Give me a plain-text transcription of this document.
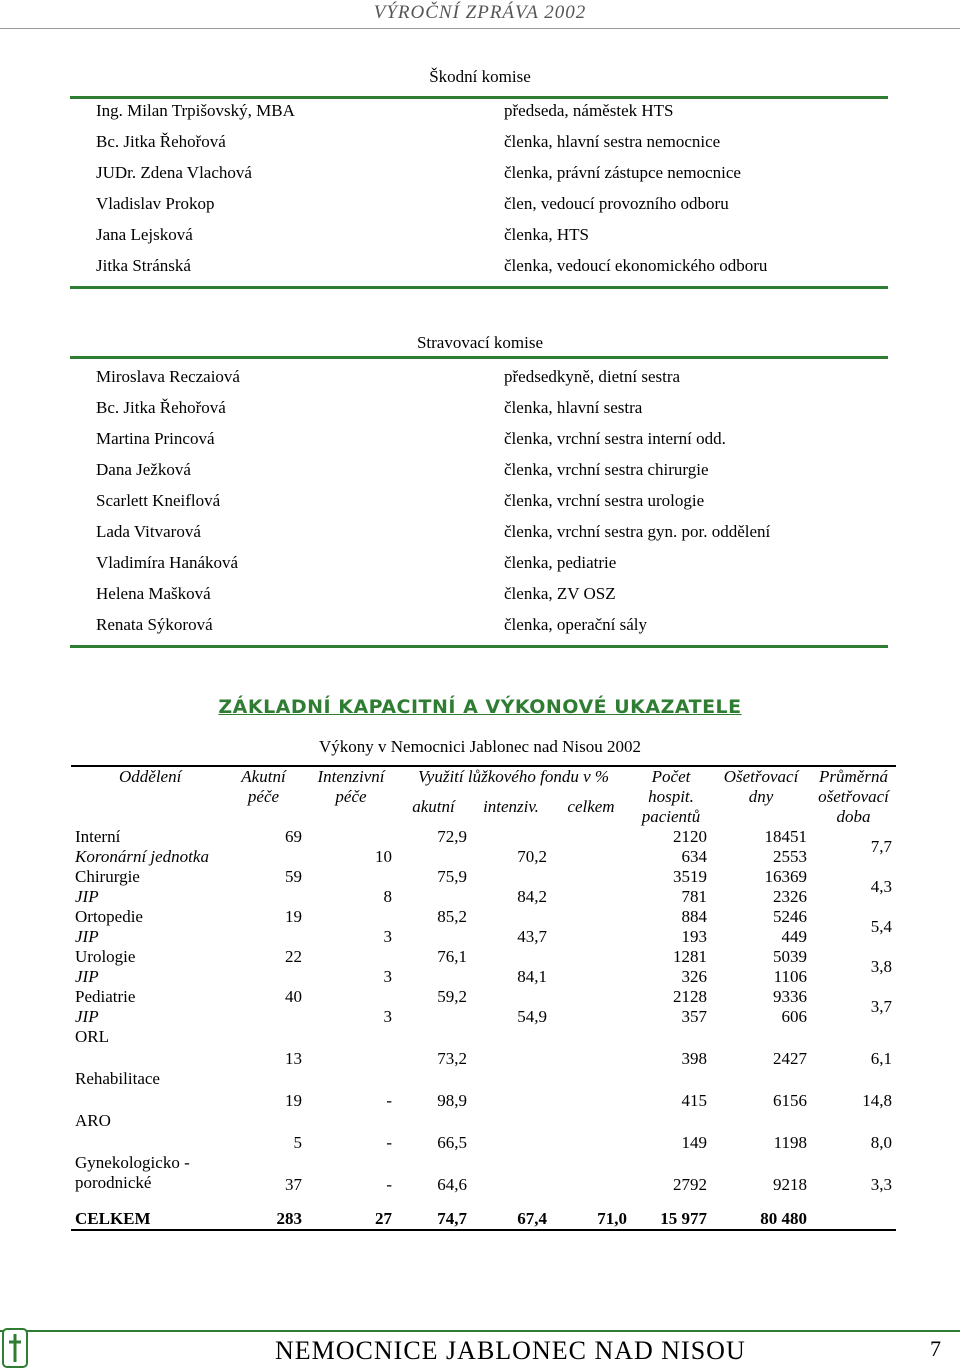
VÝROČNÍ ZPRÁVA 2002
Škodní komise
Ing. Milan Trpišovský, MBA	předseda, náměstek HTS
Bc. Jitka Řehořová	členka, hlavní sestra nemocnice
JUDr. Zdena Vlachová	členka, právní zástupce nemocnice
Vladislav Prokop	člen, vedoucí provozního odboru
Jana Lejsková	členka, HTS
Jitka Stránská	členka, vedoucí ekonomického odboru
Stravovací komise
Miroslava Reczaiová	předsedkyně, dietní sestra
Bc. Jitka Řehořová	členka, hlavní sestra
Martina Princová	členka, vrchní sestra interní odd.
Dana Ježková	členka, vrchní sestra chirurgie
Scarlett Kneiflová	členka, vrchní sestra urologie
Lada Vitvarová	členka, vrchní sestra gyn. por. oddělení
Vladimíra Hanáková	členka, pediatrie
Helena Mašková	členka, ZV OSZ
Renata Sýkorová	členka, operační sály
ZÁKLADNÍ KAPACITNÍ A VÝKONOVÉ UKAZATELE
Výkony v Nemocnici Jablonec nad Nisou 2002
Oddělení	Akutní péče	Intenzivní péče	Využití lůžkového fondu v %			Počet hospit. pacientů	Ošetřovací dny	Průměrná ošetřovací doba
			akutní	intenziv.	celkem			
Interní	69		72,9			2120	18451	7,7
Koronární jednotka		10		70,2		634	2553	
Chirurgie	59		75,9			3519	16369	4,3
JIP		8		84,2		781	2326	
Ortopedie	19		85,2			884	5246	5,4
JIP		3		43,7		193	449	
Urologie	22		76,1			1281	5039	3,8
JIP		3		84,1		326	1106	
Pediatrie	40		59,2			2128	9336	3,7
JIP		3		54,9		357	606	
ORL	13		73,2			398	2427	6,1
Rehabilitace	19	-	98,9			415	6156	14,8
ARO	5	-	66,5			149	1198	8,0
Gynekologicko - porodnické	37	-	64,6			2792	9218	3,3
CELKEM	283	27	74,7	67,4	71,0	15 977	80 480	
NEMOCNICE JABLONEC NAD NISOU	7
